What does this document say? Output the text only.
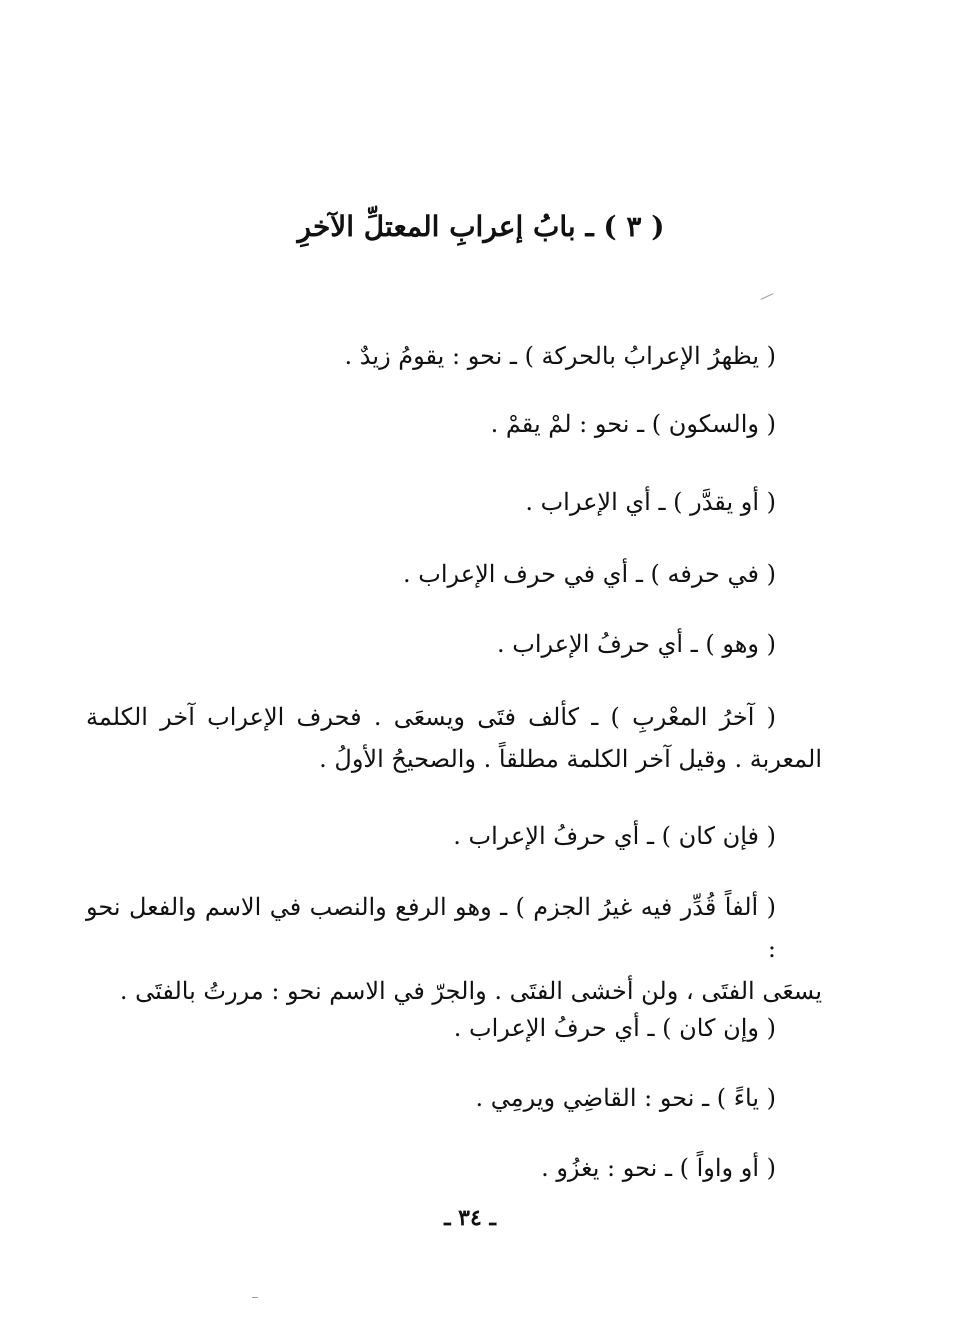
( ٣ ) ـ بابُ إعرابِ المعتلِّ الآخرِ
( يظهرُ الإعرابُ بالحركة ) ـ نحو : يقومُ زيدٌ .
( والسكون ) ـ نحو : لمْ يقمْ .
( أو يقدَّر ) ـ أي الإعراب .
( في حرفه ) ـ أي في حرف الإعراب .
( وهو ) ـ أي حرفُ الإعراب .
( آخرُ المعْربِ ) ـ كألف فتَى ويسعَى . فحرف الإعراب آخر الكلمة
المعربة . وقيل آخر الكلمة مطلقاً . والصحيحُ الأولُ .
( فإن كان ) ـ أي حرفُ الإعراب .
( ألفاً قُدِّر فيه غيرُ الجزم ) ـ وهو الرفع والنصب في الاسم والفعل نحو :
يسعَى الفتَى ، ولن أخشى الفتَى . والجرّ في الاسم نحو : مررتُ بالفتَى .
( وإن كان ) ـ أي حرفُ الإعراب .
( ياءً ) ـ نحو : القاضِي ويرمِي .
( أو واواً ) ـ نحو : يغزُو .
ـ ٣٤ ـ
